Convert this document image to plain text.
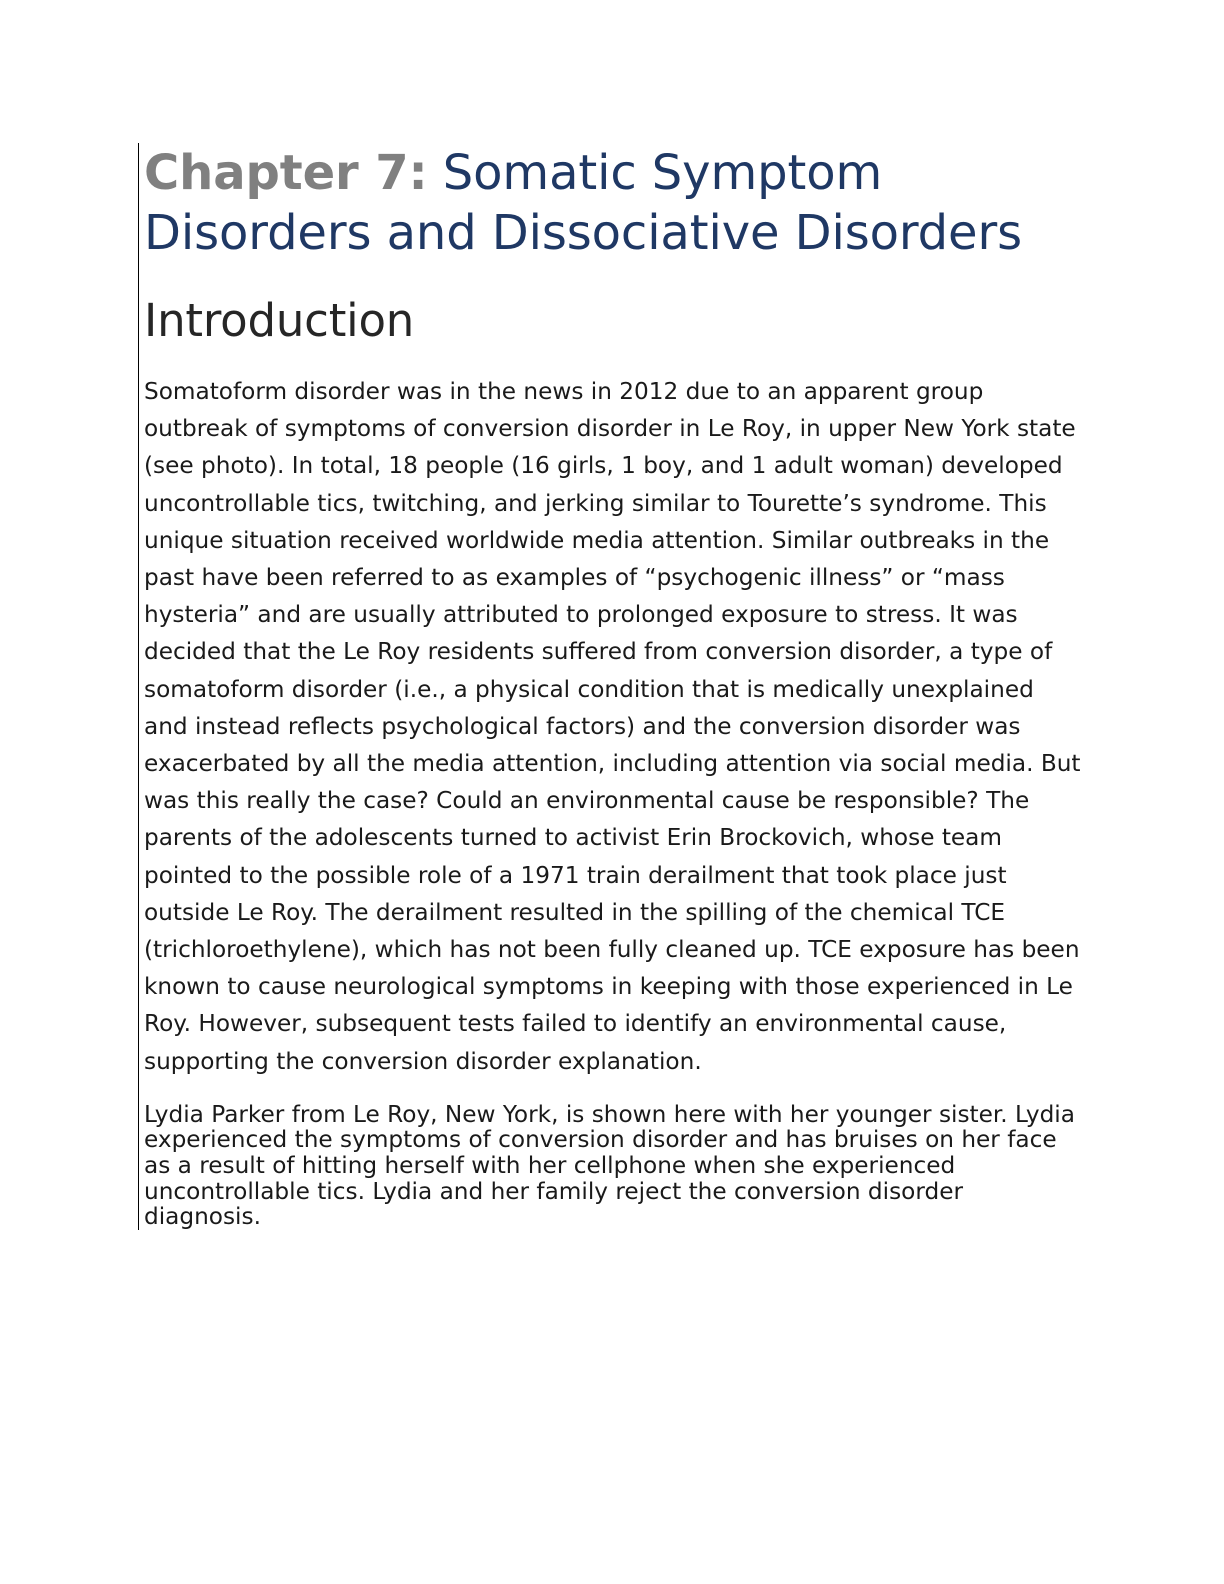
Chapter 7: Somatic Symptom Disorders and Dissociative Disorders
Introduction

Somatoform disorder was in the news in 2012 due to an apparent group outbreak of symptoms of conversion disorder in Le Roy, in upper New York state (see photo). In total, 18 people (16 girls, 1 boy, and 1 adult woman) developed uncontrollable tics, twitching, and jerking similar to Tourette’s syndrome. This unique situation received worldwide media attention. Similar outbreaks in the past have been referred to as examples of “psychogenic illness” or “mass hysteria” and are usually attributed to prolonged exposure to stress. It was decided that the Le Roy residents suffered from conversion disorder, a type of somatoform disorder (i.e., a physical condition that is medically unexplained and instead reflects psychological factors) and the conversion disorder was exacerbated by all the media attention, including attention via social media. But was this really the case? Could an environmental cause be responsible? The parents of the adolescents turned to activist Erin Brockovich, whose team pointed to the possible role of a 1971 train derailment that took place just outside Le Roy. The derailment resulted in the spilling of the chemical TCE (trichloroethylene), which has not been fully cleaned up. TCE exposure has been known to cause neurological symptoms in keeping with those experienced in Le Roy. However, subsequent tests failed to identify an environmental cause, supporting the conversion disorder explanation.

Lydia Parker from Le Roy, New York, is shown here with her younger sister. Lydia experienced the symptoms of conversion disorder and has bruises on her face as a result of hitting herself with her cellphone when she experienced uncontrollable tics. Lydia and her family reject the conversion disorder diagnosis.
